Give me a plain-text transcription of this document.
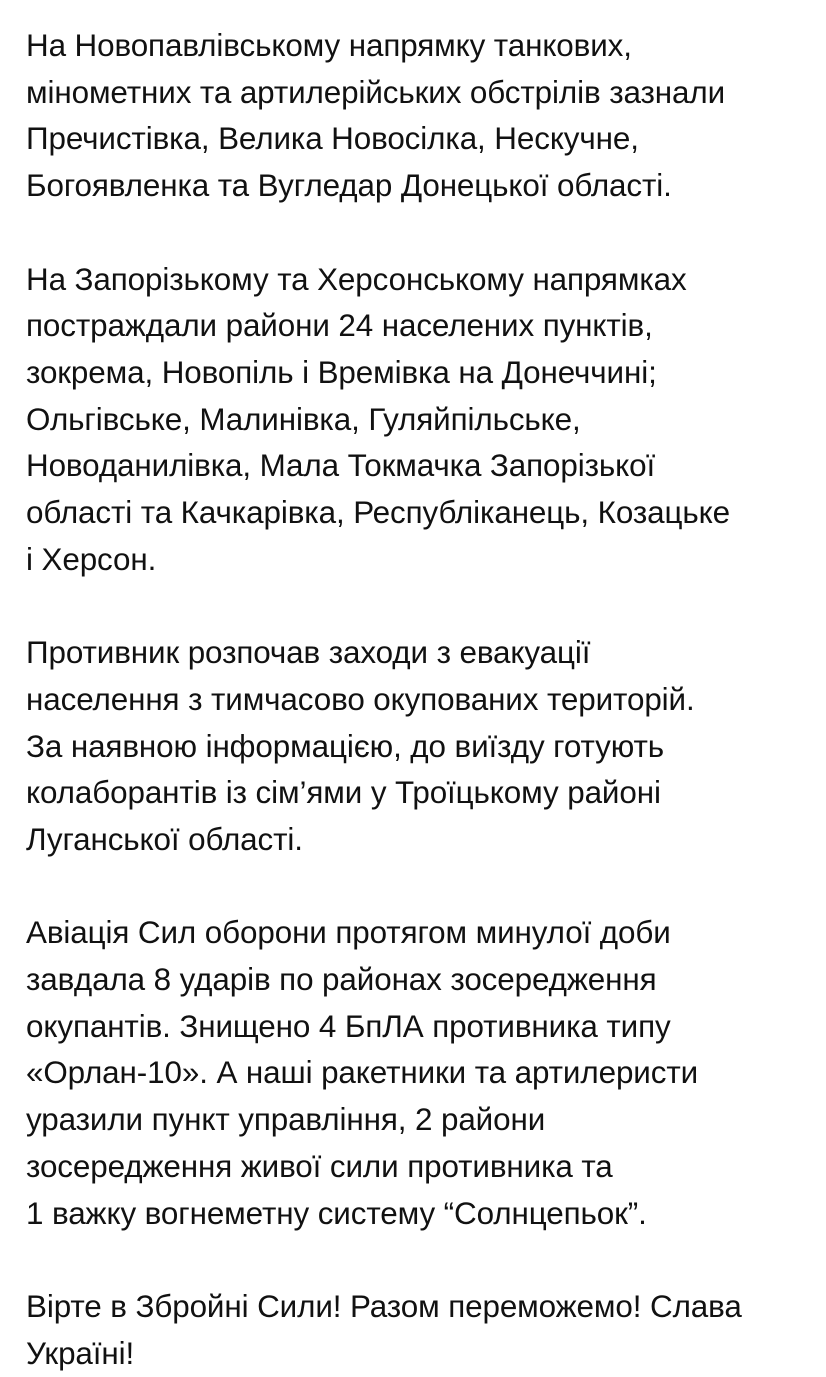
На Новопавлівському напрямку танкових,
мінометних та артилерійських обстрілів зазнали
Пречистівка, Велика Новосілка, Нескучне,
Богоявленка та Вугледар Донецької області.

На Запорізькому та Херсонському напрямках
постраждали райони 24 населених пунктів,
зокрема, Новопіль і Времівка на Донеччині;
Ольгівське, Малинівка, Гуляйпільське,
Новоданилівка, Мала Токмачка Запорізької
області та Качкарівка, Республіканець, Козацьке
і Херсон.

Противник розпочав заходи з евакуації
населення з тимчасово окупованих територій.
За наявною інформацією, до виїзду готують
колаборантів із сім’ями у Троїцькому районі
Луганської області.

Авіація Сил оборони протягом минулої доби
завдала 8 ударів по районах зосередження
окупантів. Знищено 4 БпЛА противника типу
«Орлан-10». А наші ракетники та артилеристи
уразили пункт управління, 2 райони
зосередження живої сили противника та
1 важку вогнеметну систему “Солнцепьок”.

Вірте в Збройні Сили! Разом переможемо! Слава
Україні!
